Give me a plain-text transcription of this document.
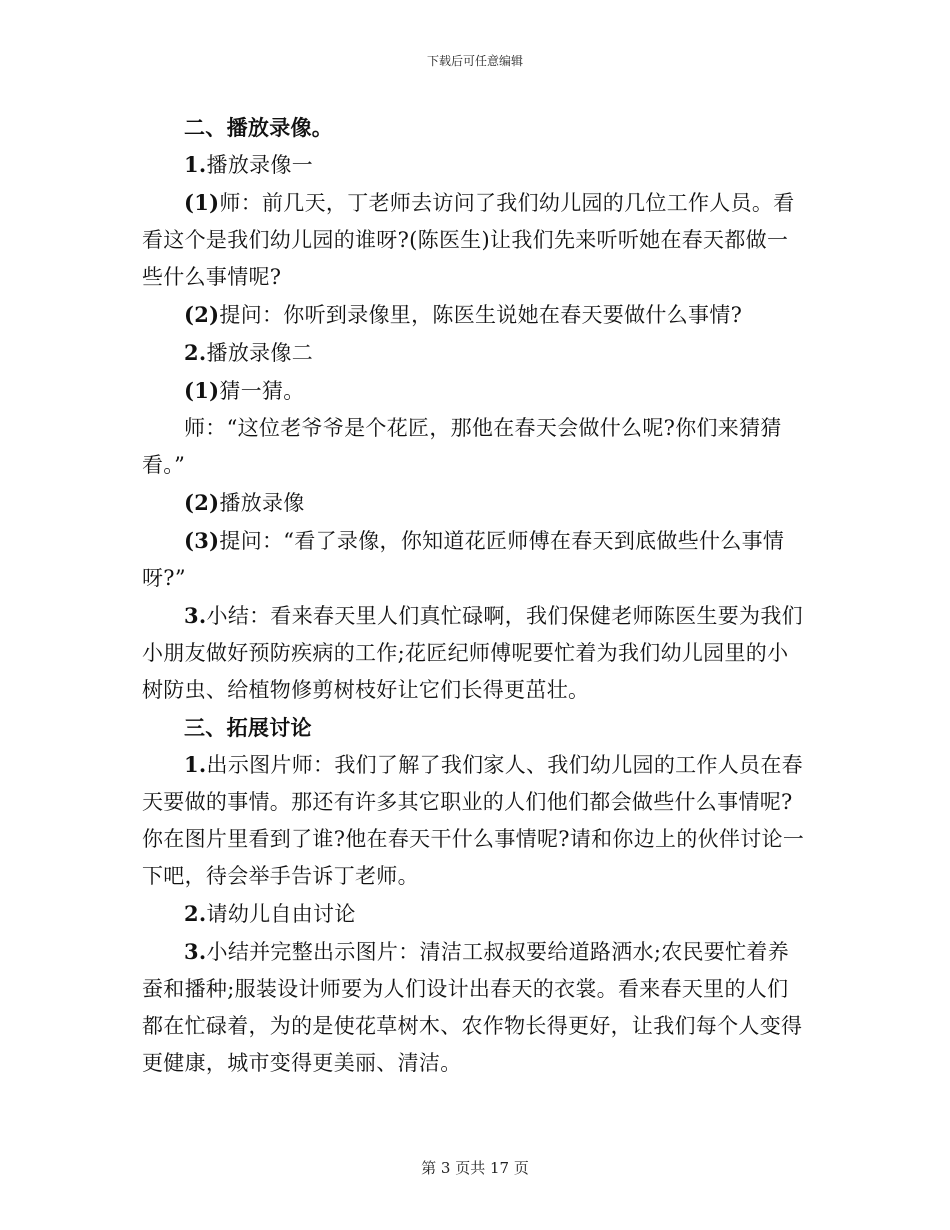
下载后可任意编辑

二、播放录像。

1.播放录像一

(1)师：前几天，丁老师去访问了我们幼儿园的几位工作人员。看看这个是我们幼儿园的谁呀?(陈医生)让我们先来听听她在春天都做一些什么事情呢?

(2)提问：你听到录像里，陈医生说她在春天要做什么事情?

2.播放录像二

(1)猜一猜。

师：“这位老爷爷是个花匠，那他在春天会做什么呢?你们来猜猜看。”

(2)播放录像

(3)提问：“看了录像，你知道花匠师傅在春天到底做些什么事情呀?”

3.小结：看来春天里人们真忙碌啊，我们保健老师陈医生要为我们小朋友做好预防疾病的工作;花匠纪师傅呢要忙着为我们幼儿园里的小树防虫、给植物修剪树枝好让它们长得更茁壮。

三、拓展讨论

1.出示图片师：我们了解了我们家人、我们幼儿园的工作人员在春天要做的事情。那还有许多其它职业的人们他们都会做些什么事情呢?你在图片里看到了谁?他在春天干什么事情呢?请和你边上的伙伴讨论一下吧，待会举手告诉丁老师。

2.请幼儿自由讨论

3.小结并完整出示图片：清洁工叔叔要给道路洒水;农民要忙着养蚕和播种;服装设计师要为人们设计出春天的衣裳。看来春天里的人们都在忙碌着，为的是使花草树木、农作物长得更好，让我们每个人变得更健康，城市变得更美丽、清洁。

第 3 页共 17 页
